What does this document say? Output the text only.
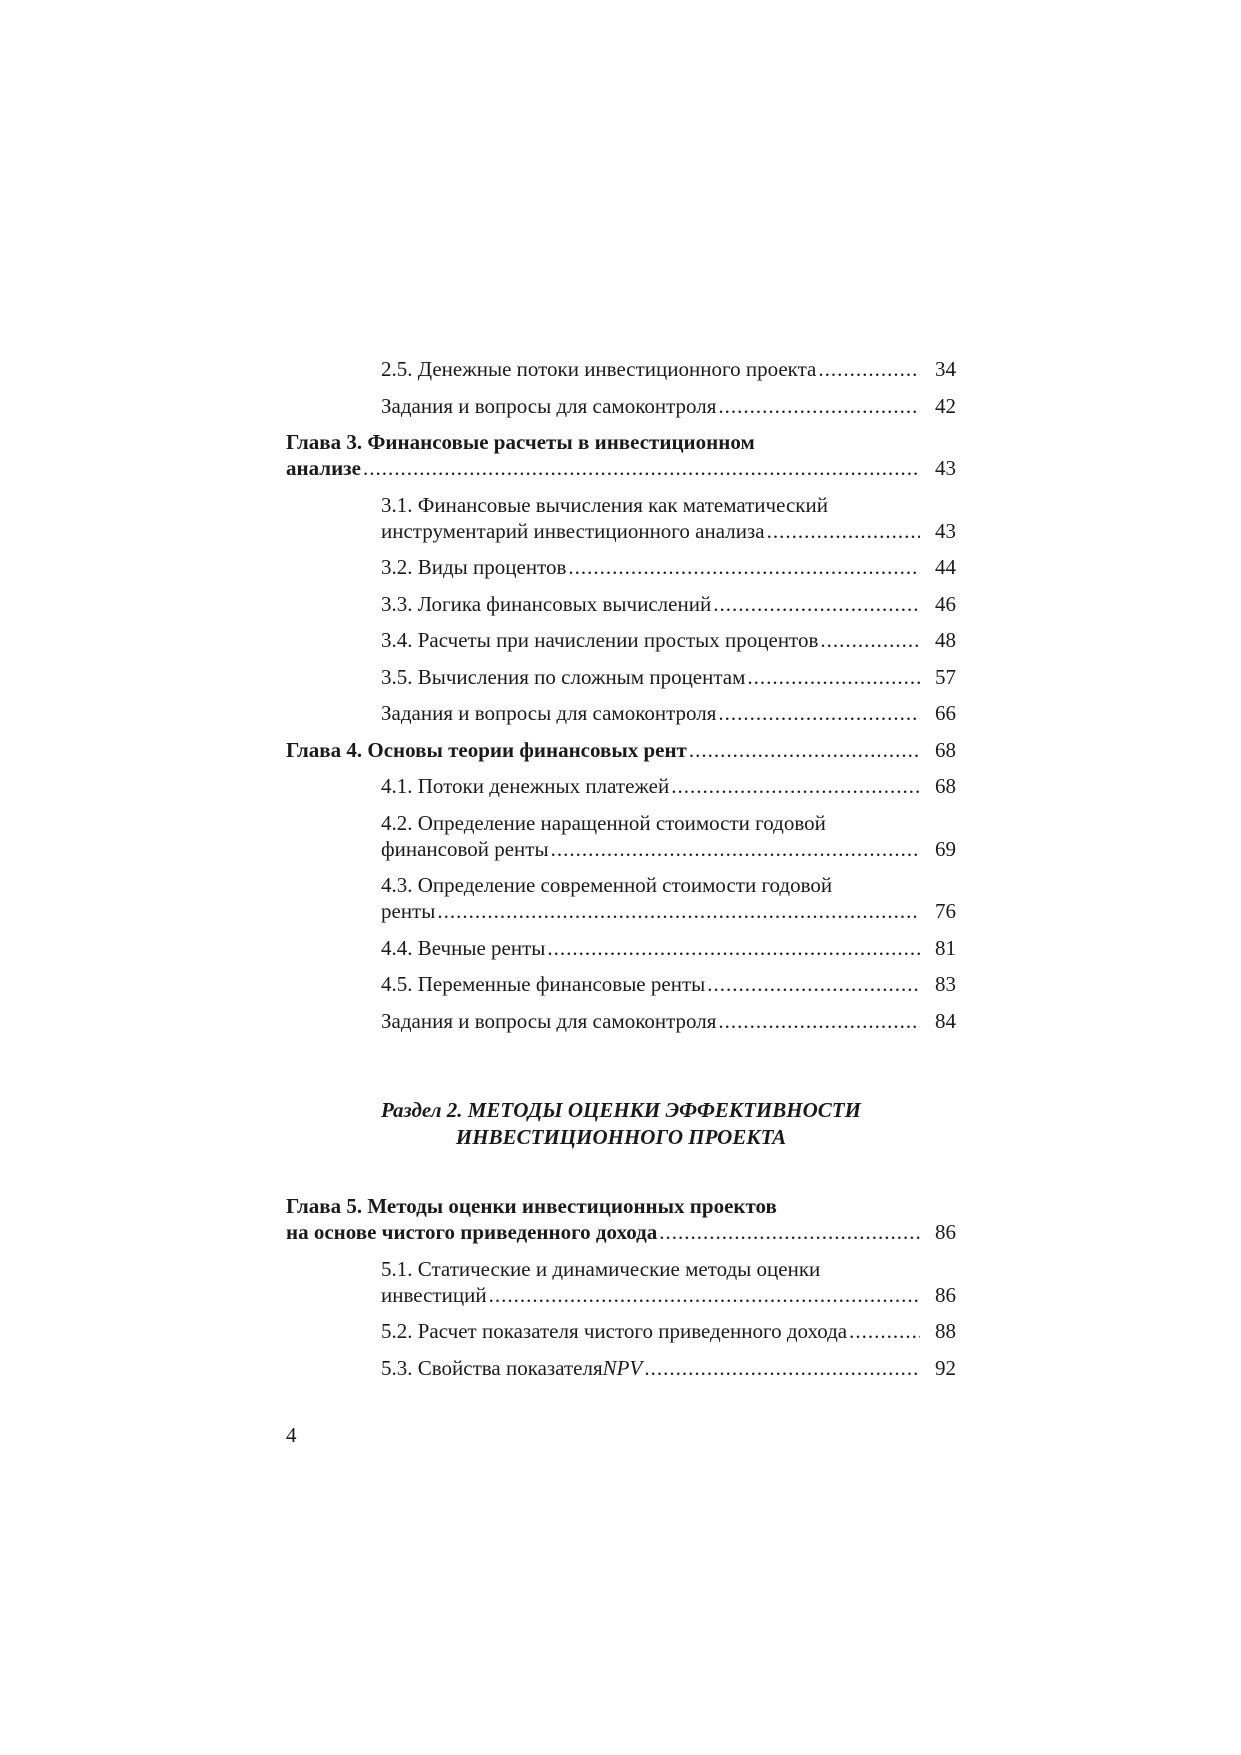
2.5. Денежные потоки инвестиционного проекта .....	34
Задания и вопросы для самоконтроля .....	42
Глава 3. Финансовые расчеты в инвестиционном
анализе .....	43
3.1. Финансовые вычисления как математический
инструментарий инвестиционного анализа .....	43
3.2. Виды процентов .....	44
3.3. Логика финансовых вычислений .....	46
3.4. Расчеты при начислении простых процентов .....	48
3.5. Вычисления по сложным процентам .....	57
Задания и вопросы для самоконтроля .....	66
Глава 4. Основы теории финансовых рент .....	68
4.1. Потоки денежных платежей .....	68
4.2. Определение наращенной стоимости годовой
финансовой ренты .....	69
4.3. Определение современной стоимости годовой
ренты .....	76
4.4. Вечные ренты .....	81
4.5. Переменные финансовые ренты .....	83
Задания и вопросы для самоконтроля .....	84
Раздел 2. МЕТОДЫ ОЦЕНКИ ЭФФЕКТИВНОСТИ
ИНВЕСТИЦИОННОГО ПРОЕКТА
Глава 5. Методы оценки инвестиционных проектов
на основе чистого приведенного дохода .....	86
5.1. Статические и динамические методы оценки
инвестиций .....	86
5.2. Расчет показателя чистого приведенного дохода .....	88
5.3. Свойства показателя NPV .....	92
4
